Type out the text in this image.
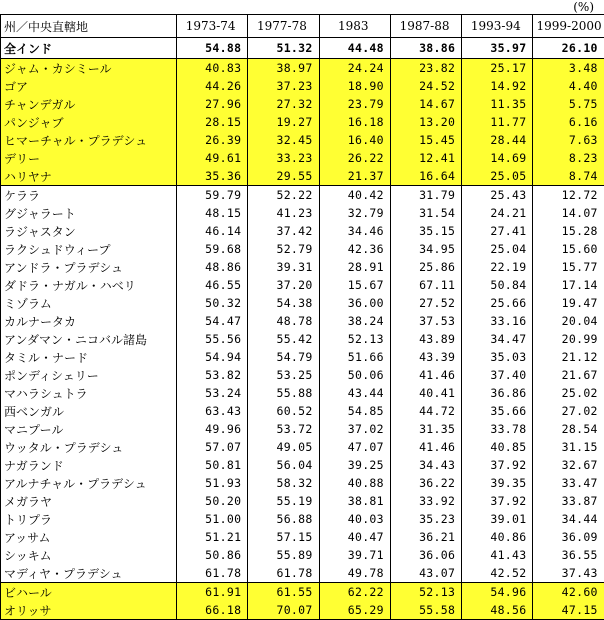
(%)
州／中央直轄地	1973-74	1977-78	1983	1987-88	1993-94	1999-2000
全インド	54.88	51.32	44.48	38.86	35.97	26.10
ジャム・カシミール	40.83	38.97	24.24	23.82	25.17	3.48
ゴア	44.26	37.23	18.90	24.52	14.92	4.40
チャンデガル	27.96	27.32	23.79	14.67	11.35	5.75
パンジャブ	28.15	19.27	16.18	13.20	11.77	6.16
ヒマーチャル・プラデシュ	26.39	32.45	16.40	15.45	28.44	7.63
デリー	49.61	33.23	26.22	12.41	14.69	8.23
ハリヤナ	35.36	29.55	21.37	16.64	25.05	8.74
ケララ	59.79	52.22	40.42	31.79	25.43	12.72
グジャラート	48.15	41.23	32.79	31.54	24.21	14.07
ラジャスタン	46.14	37.42	34.46	35.15	27.41	15.28
ラクシュドウィープ	59.68	52.79	42.36	34.95	25.04	15.60
アンドラ・プラデシュ	48.86	39.31	28.91	25.86	22.19	15.77
ダドラ・ナガル・ハベリ	46.55	37.20	15.67	67.11	50.84	17.14
ミゾラム	50.32	54.38	36.00	27.52	25.66	19.47
カルナータカ	54.47	48.78	38.24	37.53	33.16	20.04
アンダマン・ニコバル諸島	55.56	55.42	52.13	43.89	34.47	20.99
タミル・ナード	54.94	54.79	51.66	43.39	35.03	21.12
ポンディシェリー	53.82	53.25	50.06	41.46	37.40	21.67
マハラシュトラ	53.24	55.88	43.44	40.41	36.86	25.02
西ベンガル	63.43	60.52	54.85	44.72	35.66	27.02
マニプール	49.96	53.72	37.02	31.35	33.78	28.54
ウッタル・プラデシュ	57.07	49.05	47.07	41.46	40.85	31.15
ナガランド	50.81	56.04	39.25	34.43	37.92	32.67
アルナチャル・プラデシュ	51.93	58.32	40.88	36.22	39.35	33.47
メガラヤ	50.20	55.19	38.81	33.92	37.92	33.87
トリプラ	51.00	56.88	40.03	35.23	39.01	34.44
アッサム	51.21	57.15	40.47	36.21	40.86	36.09
シッキム	50.86	55.89	39.71	36.06	41.43	36.55
マディヤ・プラデシュ	61.78	61.78	49.78	43.07	42.52	37.43
ビハール	61.91	61.55	62.22	52.13	54.96	42.60
オリッサ	66.18	70.07	65.29	55.58	48.56	47.15
